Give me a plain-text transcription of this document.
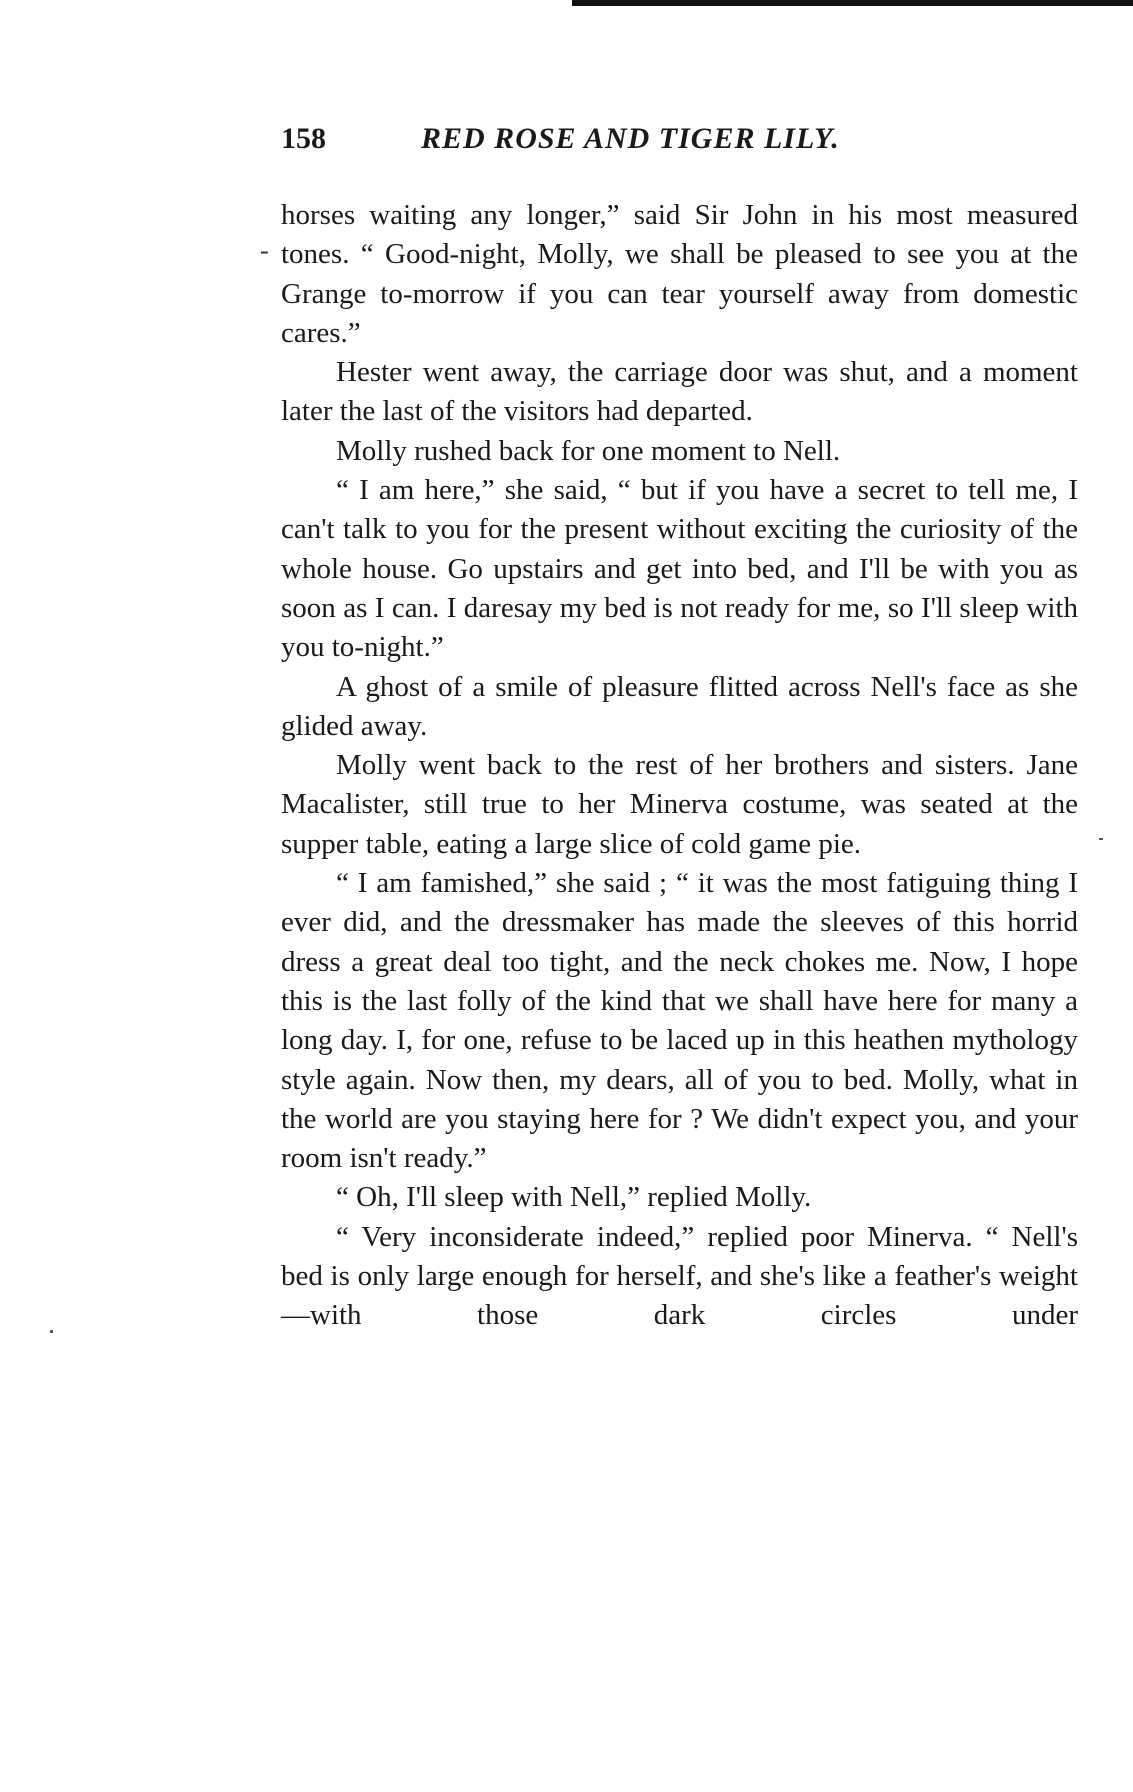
-
158	RED ROSE AND TIGER LILY.

horses waiting any longer,” said Sir John in his most measured tones. “ Good-night, Molly, we shall be pleased to see you at the Grange to-morrow if you can tear yourself away from domestic cares.”

Hester went away, the carriage door was shut, and a moment later the last of the visitors had departed.

Molly rushed back for one moment to Nell.

“ I am here,” she said, “ but if you have a secret to tell me, I can't talk to you for the present without exciting the curiosity of the whole house. Go upstairs and get into bed, and I'll be with you as soon as I can. I daresay my bed is not ready for me, so I'll sleep with you to-night.”

A ghost of a smile of pleasure flitted across Nell's face as she glided away.

Molly went back to the rest of her brothers and sisters. Jane Macalister, still true to her Minerva costume, was seated at the supper table, eating a large slice of cold game pie.

“ I am famished,” she said ; “ it was the most fatiguing thing I ever did, and the dressmaker has made the sleeves of this horrid dress a great deal too tight, and the neck chokes me. Now, I hope this is the last folly of the kind that we shall have here for many a long day. I, for one, refuse to be laced up in this heathen mythology style again. Now then, my dears, all of you to bed. Molly, what in the world are you staying here for ? We didn't expect you, and your room isn't ready.”

“ Oh, I'll sleep with Nell,” replied Molly.

“ Very inconsiderate indeed,” replied poor Minerva. “ Nell's bed is only large enough for herself, and she's like a feather's weight—with those dark circles under
